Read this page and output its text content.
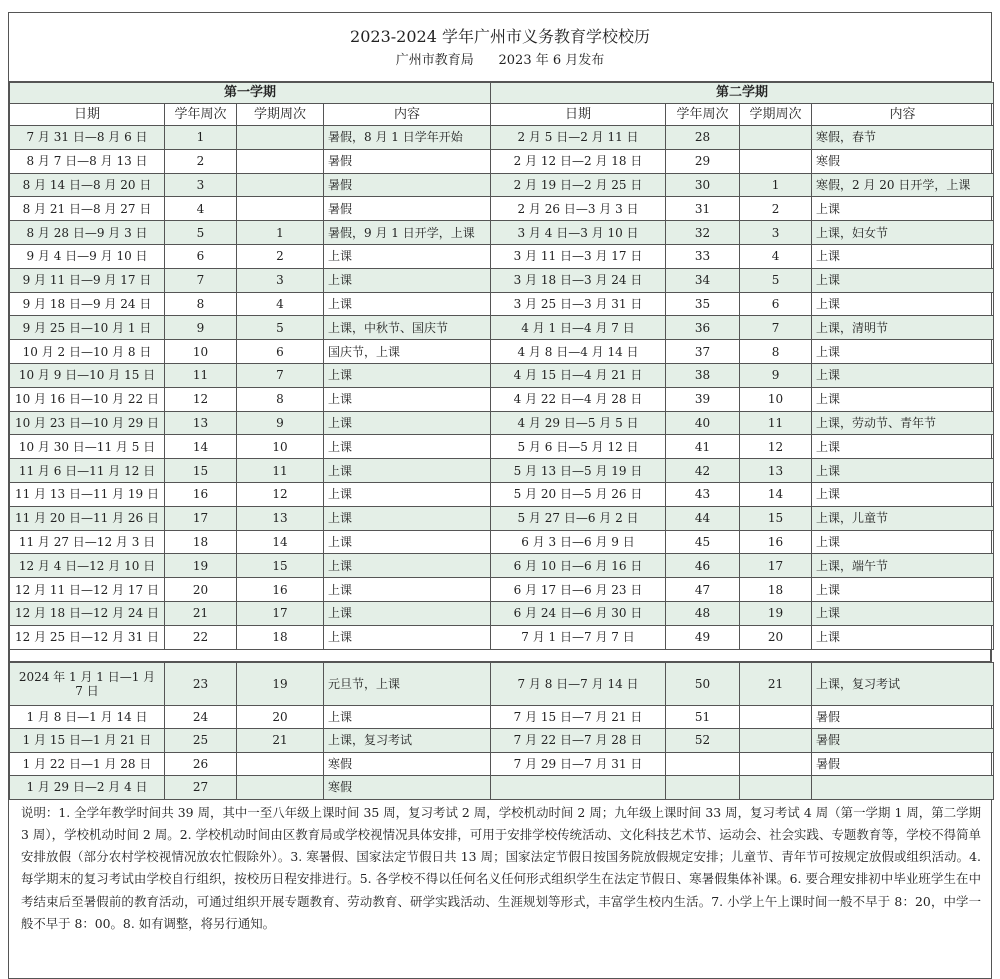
2023-2024 学年广州市义务教育学校校历
广州市教育局      2023 年 6 月发布
第一学期				第二学期			
日期	学年周次	学期周次	内容	日期	学年周次	学期周次	内容
7 月 31 日—8 月 6 日	1		暑假，8 月 1 日学年开始	2 月 5 日—2 月 11 日	28		寒假，春节
8 月 7 日—8 月 13 日	2		暑假	2 月 12 日—2 月 18 日	29		寒假
8 月 14 日—8 月 20 日	3		暑假	2 月 19 日—2 月 25 日	30	1	寒假，2 月 20 日开学，上课
8 月 21 日—8 月 27 日	4		暑假	2 月 26 日—3 月 3 日	31	2	上课
8 月 28 日—9 月 3 日	5	1	暑假，9 月 1 日开学，上课	3 月 4 日—3 月 10 日	32	3	上课，妇女节
9 月 4 日—9 月 10 日	6	2	上课	3 月 11 日—3 月 17 日	33	4	上课
9 月 11 日—9 月 17 日	7	3	上课	3 月 18 日—3 月 24 日	34	5	上课
9 月 18 日—9 月 24 日	8	4	上课	3 月 25 日—3 月 31 日	35	6	上课
9 月 25 日—10 月 1 日	9	5	上课，中秋节、国庆节	4 月 1 日—4 月 7 日	36	7	上课，清明节
10 月 2 日—10 月 8 日	10	6	国庆节，上课	4 月 8 日—4 月 14 日	37	8	上课
10 月 9 日—10 月 15 日	11	7	上课	4 月 15 日—4 月 21 日	38	9	上课
10 月 16 日—10 月 22 日	12	8	上课	4 月 22 日—4 月 28 日	39	10	上课
10 月 23 日—10 月 29 日	13	9	上课	4 月 29 日—5 月 5 日	40	11	上课，劳动节、青年节
10 月 30 日—11 月 5 日	14	10	上课	5 月 6 日—5 月 12 日	41	12	上课
11 月 6 日—11 月 12 日	15	11	上课	5 月 13 日—5 月 19 日	42	13	上课
11 月 13 日—11 月 19 日	16	12	上课	5 月 20 日—5 月 26 日	43	14	上课
11 月 20 日—11 月 26 日	17	13	上课	5 月 27 日—6 月 2 日	44	15	上课，儿童节
11 月 27 日—12 月 3 日	18	14	上课	6 月 3 日—6 月 9 日	45	16	上课
12 月 4 日—12 月 10 日	19	15	上课	6 月 10 日—6 月 16 日	46	17	上课，端午节
12 月 11 日—12 月 17 日	20	16	上课	6 月 17 日—6 月 23 日	47	18	上课
12 月 18 日—12 月 24 日	21	17	上课	6 月 24 日—6 月 30 日	48	19	上课
12 月 25 日—12 月 31 日	22	18	上课	7 月 1 日—7 月 7 日	49	20	上课
2024 年 1 月 1 日—1 月 7 日	23	19	元旦节，上课	7 月 8 日—7 月 14 日	50	21	上课，复习考试
1 月 8 日—1 月 14 日	24	20	上课	7 月 15 日—7 月 21 日	51		暑假
1 月 15 日—1 月 21 日	25	21	上课，复习考试	7 月 22 日—7 月 28 日	52		暑假
1 月 22 日—1 月 28 日	26		寒假	7 月 29 日—7 月 31 日			暑假
1 月 29 日—2 月 4 日	27		寒假				
说明：1. 全学年教学时间共 39 周，其中一至八年级上课时间 35 周，复习考试 2 周，学校机动时间 2 周；九年级上课时间 33 周，复习考试 4 周（第一学期 1 周，第二学期 3 周），学校机动时间 2 周。2. 学校机动时间由区教育局或学校视情况具体安排，可用于安排学校传统活动、文化科技艺术节、运动会、社会实践、专题教育等，学校不得简单安排放假（部分农村学校视情况放农忙假除外）。3. 寒暑假、国家法定节假日共 13 周；国家法定节假日按国务院放假规定安排；儿童节、青年节可按规定放假或组织活动。4. 每学期末的复习考试由学校自行组织，按校历日程安排进行。5. 各学校不得以任何名义任何形式组织学生在法定节假日、寒暑假集体补课。6. 要合理安排初中毕业班学生在中考结束后至暑假前的教育活动，可通过组织开展专题教育、劳动教育、研学实践活动、生涯规划等形式，丰富学生校内生活。7. 小学上午上课时间一般不早于 8：20，中学一般不早于 8：00。8. 如有调整，将另行通知。
